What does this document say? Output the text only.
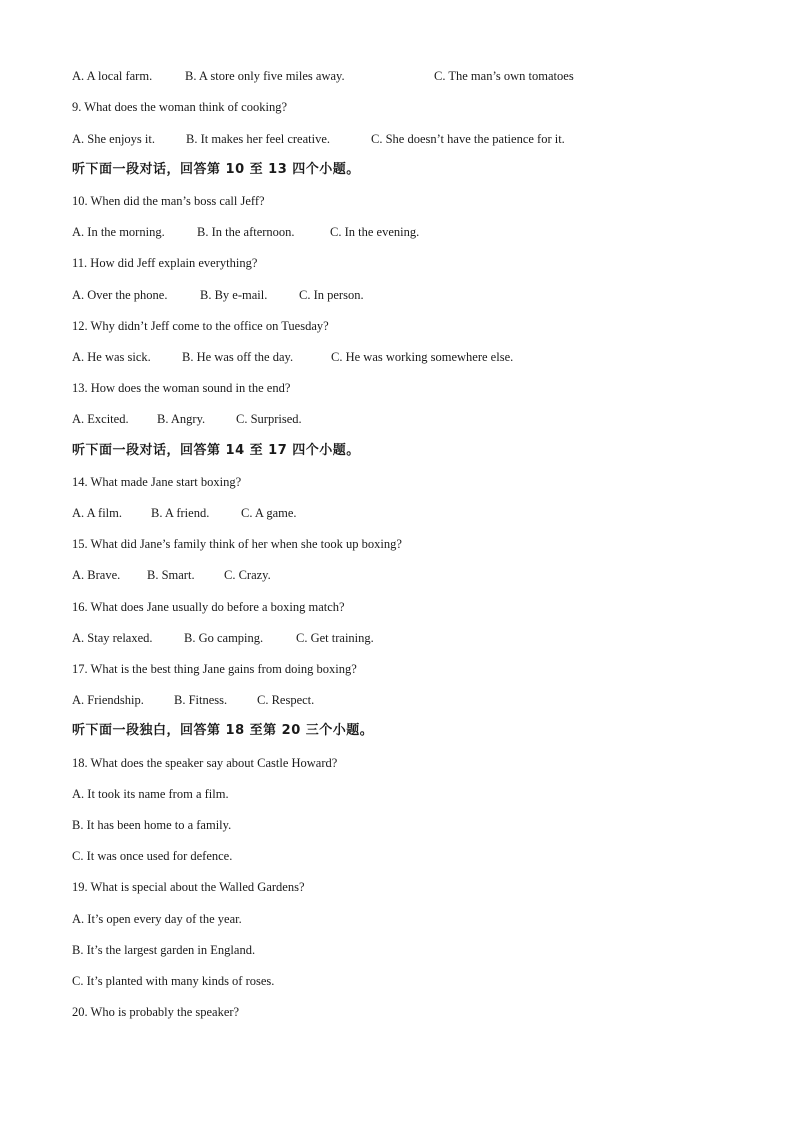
A. A local farm.	B. A store only five miles away.	C. The man’s own tomatoes
9. What does the woman think of cooking?
A. She enjoys it. B. It makes her feel creative.	C. She doesn’t have the patience for it.
听下面一段对话，回答第 10 至 13 四个小题。
10. When did the man’s boss call Jeff?
A. In the morning.	B. In the afternoon.	C. In the evening.
11. How did Jeff explain everything?
A. Over the phone.	B. By e-mail.	C. In person.
12. Why didn’t Jeff come to the office on Tuesday?
A. He was sick. B. He was off the day.	C. He was working somewhere else.
13. How does the woman sound in the end?
A. Excited. B. Angry. C. Surprised.
听下面一段对话，回答第 14 至 17 四个小题。
14. What made Jane start boxing?
A. A film. B. A friend.	C. A game.
15. What did Jane’s family think of her when she took up boxing?
A. Brave. B. Smart. C. Crazy.
16. What does Jane usually do before a boxing match?
A. Stay relaxed.	B. Go camping.	C. Get training.
17. What is the best thing Jane gains from doing boxing?
A. Friendship. B. Fitness. C. Respect.
听下面一段独白，回答第 18 至第 20 三个小题。
18. What does the speaker say about Castle Howard?
A. It took its name from a film.
B. It has been home to a family.
C. It was once used for defence.
19. What is special about the Walled Gardens?
A. It’s open every day of the year.
B. It’s the largest garden in England.
C. It’s planted with many kinds of roses.
20. Who is probably the speaker?
